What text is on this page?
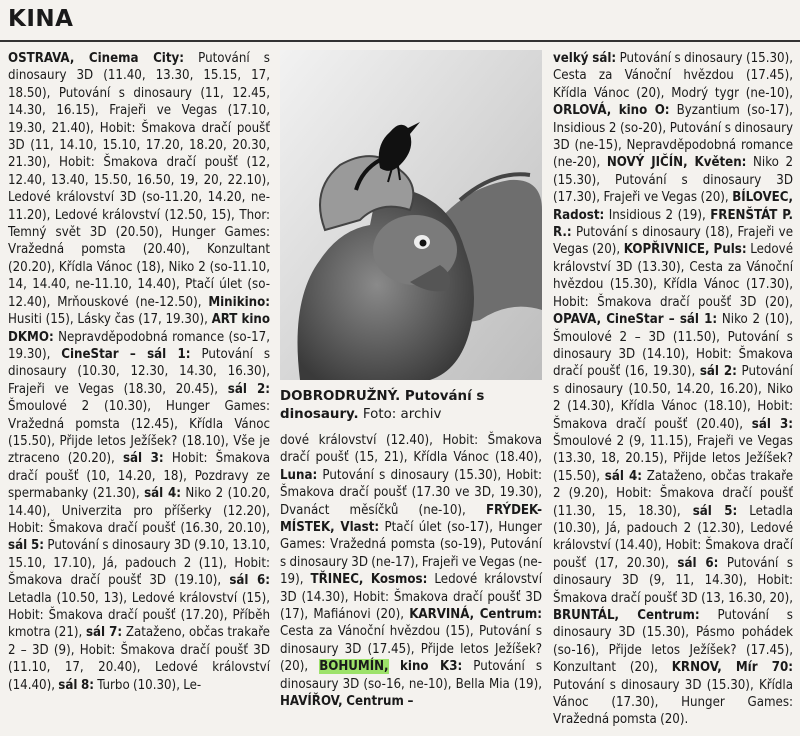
KINA

OSTRAVA, Cinema City: Putování s dinosaury 3D (11.40, 13.30, 15.15, 17, 18.50), Putování s dinosaury (11, 12.45, 14.30, 16.15), Frajeři ve Vegas (17.10, 19.30, 21.40), Hobit: Šmakova dračí poušť 3D (11, 14.10, 15.10, 17.20, 18.20, 20.30, 21.30), Hobit: Šmakova dračí poušť (12, 12.40, 13.40, 15.50, 16.50, 19, 20, 22.10), Ledové království 3D (so-11.20, 14.20, ne-11.20), Ledové království (12.50, 15), Thor: Temný svět 3D (20.50), Hunger Games: Vražedná pomsta (20.40), Konzultant (20.20), Křídla Vánoc (18), Niko 2 (so-11.10, 14, 14.40, ne-11.10, 14.40), Ptačí úlet (so-12.40), Mrňouskové (ne-12.50), Minikino: Husiti (15), Lásky čas (17, 19.30), ART kino DKMO: Nepravděpodobná romance (so-17, 19.30), CineStar – sál 1: Putování s dinosaury (10.30, 12.30, 14.30, 16.30), Frajeři ve Vegas (18.30, 20.45), sál 2: Šmoulové 2 (10.30), Hunger Games: Vražedná pomsta (12.45), Křídla Vánoc (15.50), Přijde letos Ježíšek? (18.10), Vše je ztraceno (20.20), sál 3: Hobit: Šmakova dračí poušť (10, 14.20, 18), Pozdravy ze spermabanky (21.30), sál 4: Niko 2 (10.20, 14.40), Univerzita pro příšerky (12.20), Hobit: Šmakova dračí poušť (16.30, 20.10), sál 5: Putování s dinosaury 3D (9.10, 13.10, 15.10, 17.10), Já, padouch 2 (11), Hobit: Šmakova dračí poušť 3D (19.10), sál 6: Letadla (10.50, 13), Ledové království (15), Hobit: Šmakova dračí poušť (17.20), Příběh kmotra (21), sál 7: Zataženo, občas trakaře 2 – 3D (9), Hobit: Šmakova dračí poušť 3D (11.10, 17, 20.40), Ledové království (14.40), sál 8: Turbo (10.30), Le-

DOBRODRUŽNÝ. Putování s dinosaury. Foto: archiv

dové království (12.40), Hobit: Šmakova dračí poušť (15, 21), Křídla Vánoc (18.40), Luna: Putování s dinosaury (15.30), Hobit: Šmakova dračí poušť (17.30 ve 3D, 19.30), Dvanáct měsíčků (ne-10), FRÝDEK-MÍSTEK, Vlast: Ptačí úlet (so-17), Hunger Games: Vražedná pomsta (so-19), Putování s dinosaury 3D (ne-17), Frajeři ve Vegas (ne-19), TŘINEC, Kosmos: Ledové království 3D (14.30), Hobit: Šmakova dračí poušť 3D (17), Mafiánovi (20), KARVINÁ, Centrum: Cesta za Vánoční hvězdou (15), Putování s dinosaury 3D (17.45), Přijde letos Ježíšek? (20), BOHUMÍN, kino K3: Putování s dinosaury 3D (so-16, ne-10), Bella Mia (19), HAVÍŘOV, Centrum –

velký sál: Putování s dinosaury (15.30), Cesta za Vánoční hvězdou (17.45), Křídla Vánoc (20), Modrý tygr (ne-10), ORLOVÁ, kino O: Byzantium (so-17), Insidious 2 (so-20), Putování s dinosaury 3D (ne-15), Nepravděpodobná romance (ne-20), NOVÝ JIČÍN, Květen: Niko 2 (15.30), Putování s dinosaury 3D (17.30), Frajeři ve Vegas (20), BÍLOVEC, Radost: Insidious 2 (19), FRENŠTÁT P. R.: Putování s dinosaury (18), Frajeři ve Vegas (20), KOPŘIVNICE, Puls: Ledové království 3D (13.30), Cesta za Vánoční hvězdou (15.30), Křídla Vánoc (17.30), Hobit: Šmakova dračí poušť 3D (20), OPAVA, CineStar – sál 1: Niko 2 (10), Šmoulové 2 – 3D (11.50), Putování s dinosaury 3D (14.10), Hobit: Šmakova dračí poušť (16, 19.30), sál 2: Putování s dinosaury (10.50, 14.20, 16.20), Niko 2 (14.30), Křídla Vánoc (18.10), Hobit: Šmakova dračí poušť (20.40), sál 3: Šmoulové 2 (9, 11.15), Frajeři ve Vegas (13.30, 18, 20.15), Přijde letos Ježíšek? (15.50), sál 4: Zataženo, občas trakaře 2 (9.20), Hobit: Šmakova dračí poušť (11.30, 15, 18.30), sál 5: Letadla (10.30), Já, padouch 2 (12.30), Ledové království (14.40), Hobit: Šmakova dračí poušť (17, 20.30), sál 6: Putování s dinosaury 3D (9, 11, 14.30), Hobit: Šmakova dračí poušť 3D (13, 16.30, 20), BRUNTÁL, Centrum: Putování s dinosaury 3D (15.30), Pásmo pohádek (so-16), Přijde letos Ježíšek? (17.45), Konzultant (20), KRNOV, Mír 70: Putování s dinosaury 3D (15.30), Křídla Vánoc (17.30), Hunger Games: Vražedná pomsta (20).
